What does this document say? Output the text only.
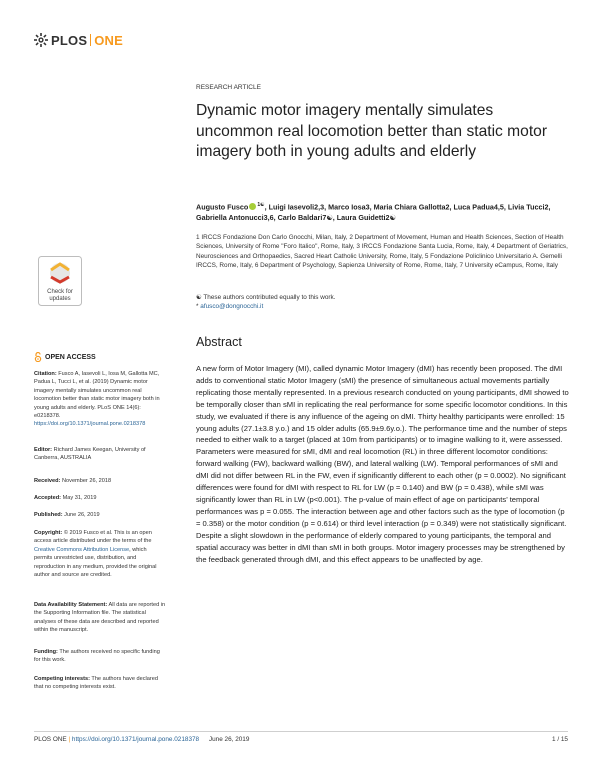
PLOS ONE
RESEARCH ARTICLE
Dynamic motor imagery mentally simulates uncommon real locomotion better than static motor imagery both in young adults and elderly
Augusto Fusco $^{1☯}$, Luigi Iasevoli2,3, Marco Iosa3, Maria Chiara Gallotta2, Luca Padua4,5, Livia Tucci2, Gabriella Antonucci3,6, Carlo Baldari7☯, Laura Guidetti2☯
1 IRCCS Fondazione Don Carlo Gnocchi, Milan, Italy, 2 Department of Movement, Human and Health Sciences, Section of Health Sciences, University of Rome "Foro Italico", Rome, Italy, 3 IRCCS Fondazione Santa Lucia, Rome, Italy, 4 Department of Geriatrics, Neurosciences and Orthopaedics, Sacred Heart Catholic University, Rome, Italy, 5 Fondazione Policlinico Universitario A. Gemelli IRCCS, Rome, Italy, 6 Department of Psychology, Sapienza University of Rome, Rome, Italy, 7 University eCampus, Rome, Italy
☯ These authors contributed equally to this work.
* afusco@dongnocchi.it
Abstract
A new form of Motor Imagery (MI), called dynamic Motor Imagery (dMI) has recently been proposed. The dMI adds to conventional static Motor Imagery (sMI) the presence of simultaneous actual movements partially replicating those mentally represented. In a previous research conducted on young participants, dMI showed to be temporally closer than sMI in replicating the real performance for some specific locomotor conditions. In this study, we evaluated if there is any influence of the ageing on dMI. Thirty healthy participants were enrolled: 15 young adults (27.1±3.8 y.o.) and 15 older adults (65.9±9.6y.o.). The performance time and the number of steps needed to either walk to a target (placed at 10m from participants) or to imagine walking to it, were assessed. Parameters were measured for sMI, dMI and real locomotion (RL) in three different locomotor conditions: forward walking (FW), backward walking (BW), and lateral walking (LW). Temporal performances of sMI and dMI did not differ between RL in the FW, even if significantly different to each other (p = 0.0002). No significant differences were found for dMI with respect to RL for LW (p = 0.140) and BW (p = 0.438), while sMI was significantly lower than RL in LW (p<0.001). The p-value of main effect of age on participants’ temporal performances was p = 0.055. The interaction between age and other factors such as the type of locomotion (p = 0.358) or the motor condition (p = 0.614) or third level interaction (p = 0.349) were not statistically significant. Despite a slight slowdown in the performance of elderly compared to young participants, the temporal and spatial accuracy was better in dMI than sMI in both groups. Motor imagery processes may be strengthened by the feedback generated through dMI, and this effect appears to be unaffected by age.
Check for
updates
OPEN ACCESS
Citation: Fusco A, Iasevoli L, Iosa M, Gallotta MC, Padua L, Tucci L, et al. (2019) Dynamic motor imagery mentally simulates uncommon real locomotion better than static motor imagery both in young adults and elderly. PLoS ONE 14(6): e0218378. https://doi.org/10.1371/journal.pone.0218378
Editor: Richard James Keegan, University of Canberra, AUSTRALIA
Received: November 26, 2018
Accepted: May 31, 2019
Published: June 26, 2019
Copyright: © 2019 Fusco et al. This is an open access article distributed under the terms of the Creative Commons Attribution License, which permits unrestricted use, distribution, and reproduction in any medium, provided the original author and source are credited.
Data Availability Statement: All data are reported in the Supporting Information file. The statistical analyses of these data are described and reported within the manuscript.
Funding: The authors received no specific funding for this work.
Competing interests: The authors have declared that no competing interests exist.
PLOS ONE | https://doi.org/10.1371/journal.pone.0218378 June 26, 2019	1 / 15
